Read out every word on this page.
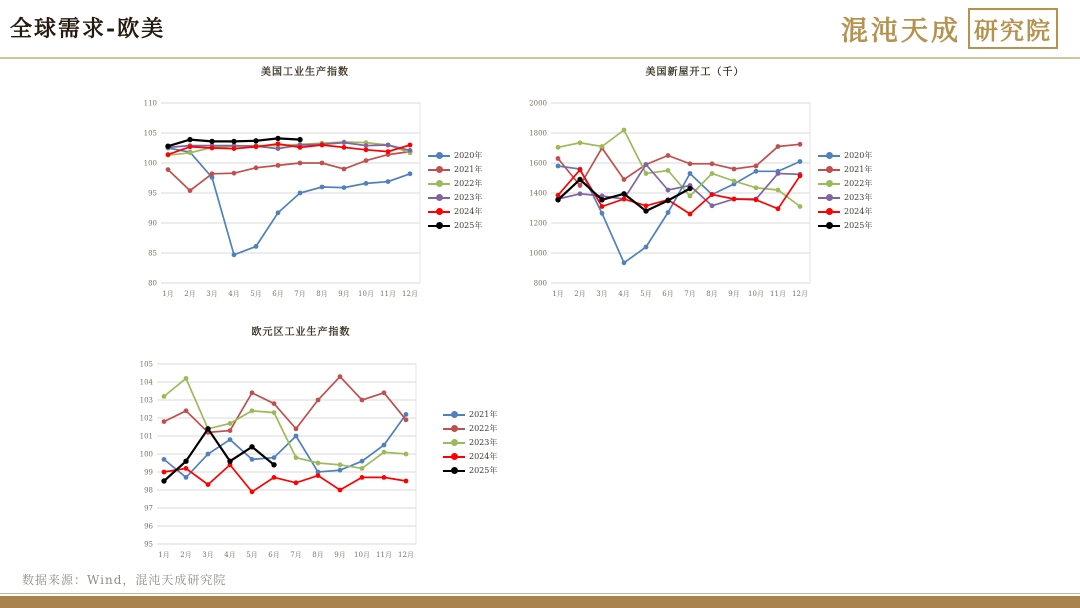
全球需求-欧美	混沌天成 研究院
美国工业生产指数
110
105
100
95
90
85
80
1月 2月 3月 4月 5月 6月 7月 8月 9月 10月 11月 12月
美国新屋开工（千）
2000
1800
1600
1400
1200
1000
800
1月 2月 3月 4月 5月 6月 7月 8月 9月 10月 11月 12月
欧元区工业生产指数
105
104
103
102
101
100
99
98
97
96
95
1月 2月 3月 4月 5月 6月 7月 8月 9月 10月 11月 12月
数据来源：Wind，混沌天成研究院
2020年
2021年
2022年
2023年
2024年
2025年
2020年
2021年
2022年
2023年
2024年
2025年
2021年
2022年
2023年
2024年
2025年
